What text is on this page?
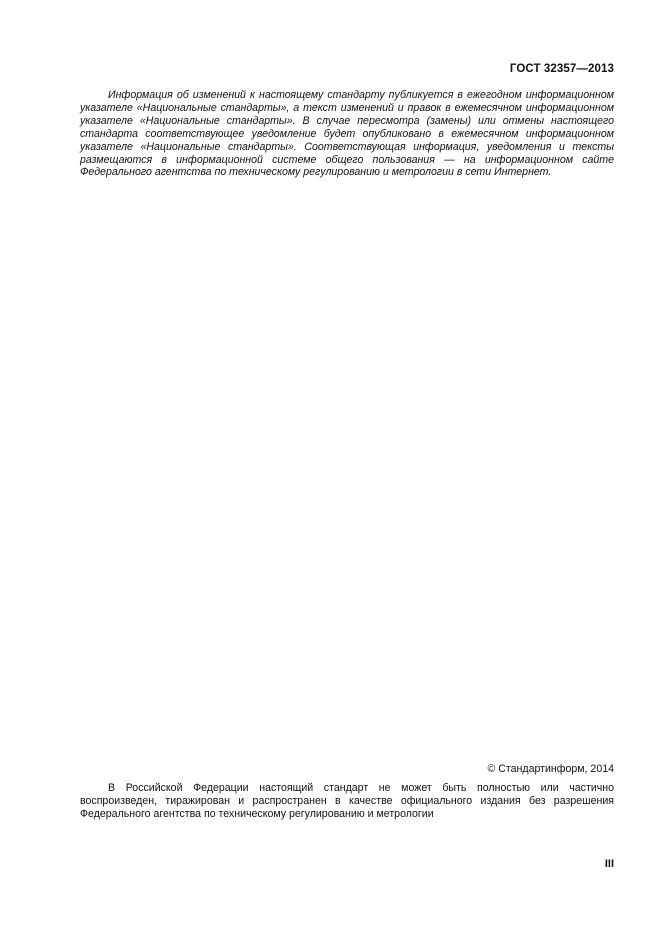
ГОСТ 32357—2013
Информация об изменений к настоящему стандарту публикуется в ежегодном информационном указателе «Национальные стандарты», а текст изменений и правок в ежемесячном информационном указателе «Национальные стандарты». В случае пересмотра (замены) или отмены настоящего стандарта соответствующее уведомление будет опубликовано в ежемесячном информационном указателе «Национальные стандарты». Соответствующая информация, уведомления и тексты размещаются в информационной системе общего пользования — на информационном сайте Федерального агентства по техническому регулированию и метрологии в сети Интернет.
© Стандартинформ, 2014
В Российской Федерации настоящий стандарт не может быть полностью или частично воспроизведен, тиражирован и распространен в качестве официального издания без разрешения Федерального агентства по техническому регулированию и метрологии
III
